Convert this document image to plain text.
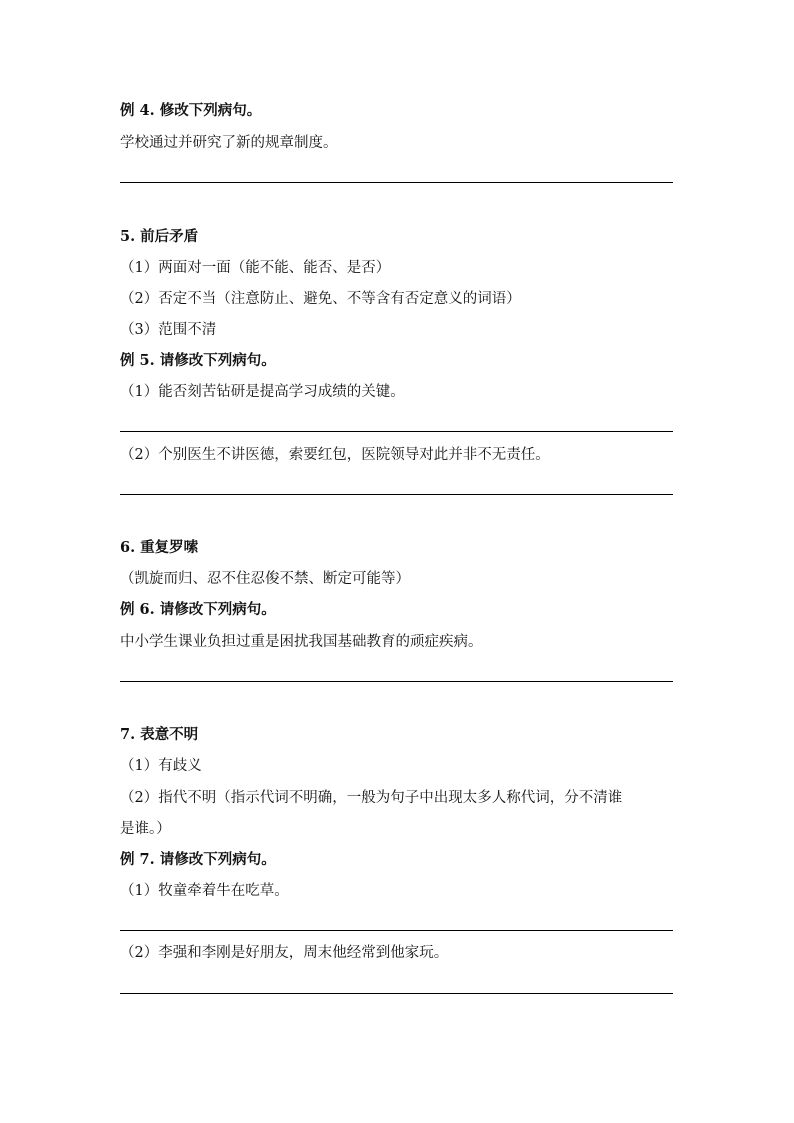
例 4. 修改下列病句。
学校通过并研究了新的规章制度。
5. 前后矛盾
（1）两面对一面（能不能、能否、是否）
（2）否定不当（注意防止、避免、不等含有否定意义的词语）
（3）范围不清
例 5. 请修改下列病句。
（1）能否刻苦钻研是提高学习成绩的关键。
（2）个别医生不讲医德，索要红包，医院领导对此并非不无责任。
6. 重复罗嗦
（凯旋而归、忍不住忍俊不禁、断定可能等）
例 6. 请修改下列病句。
中小学生课业负担过重是困扰我国基础教育的顽症疾病。
7. 表意不明
（1）有歧义
（2）指代不明（指示代词不明确，一般为句子中出现太多人称代词，分不清谁
是谁。）
例 7. 请修改下列病句。
（1）牧童牵着牛在吃草。
（2）李强和李刚是好朋友，周末他经常到他家玩。
